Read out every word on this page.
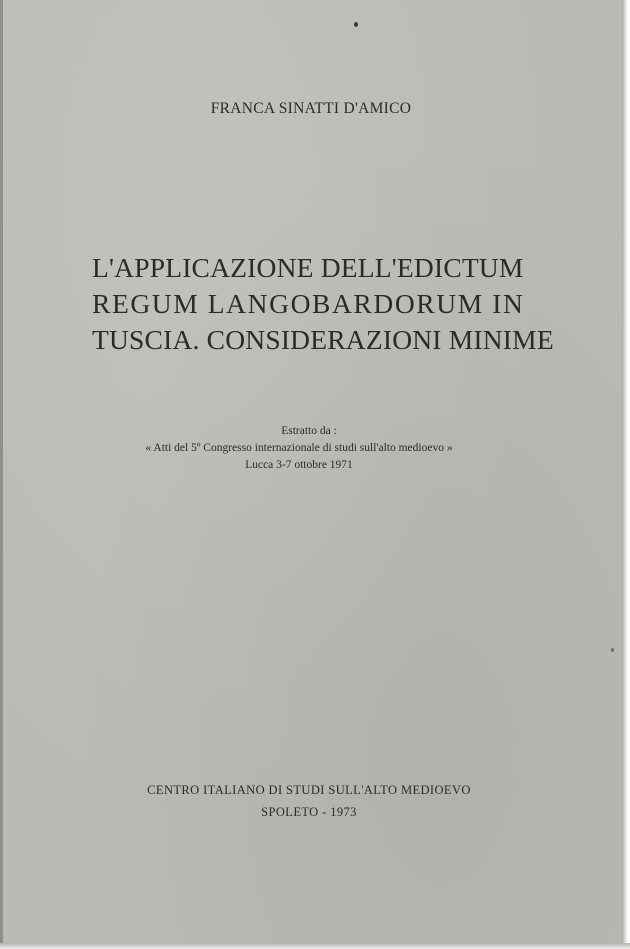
FRANCA SINATTI D'AMICO
L'APPLICAZIONE DELL'EDICTUM
REGUM LANGOBARDORUM IN
TUSCIA. CONSIDERAZIONI MINIME
Estratto da :
« Atti del 5º Congresso internazionale di studi sull'alto medioevo »
Lucca 3-7 ottobre 1971
CENTRO ITALIANO DI STUDI SULL'ALTO MEDIOEVO
SPOLETO - 1973
